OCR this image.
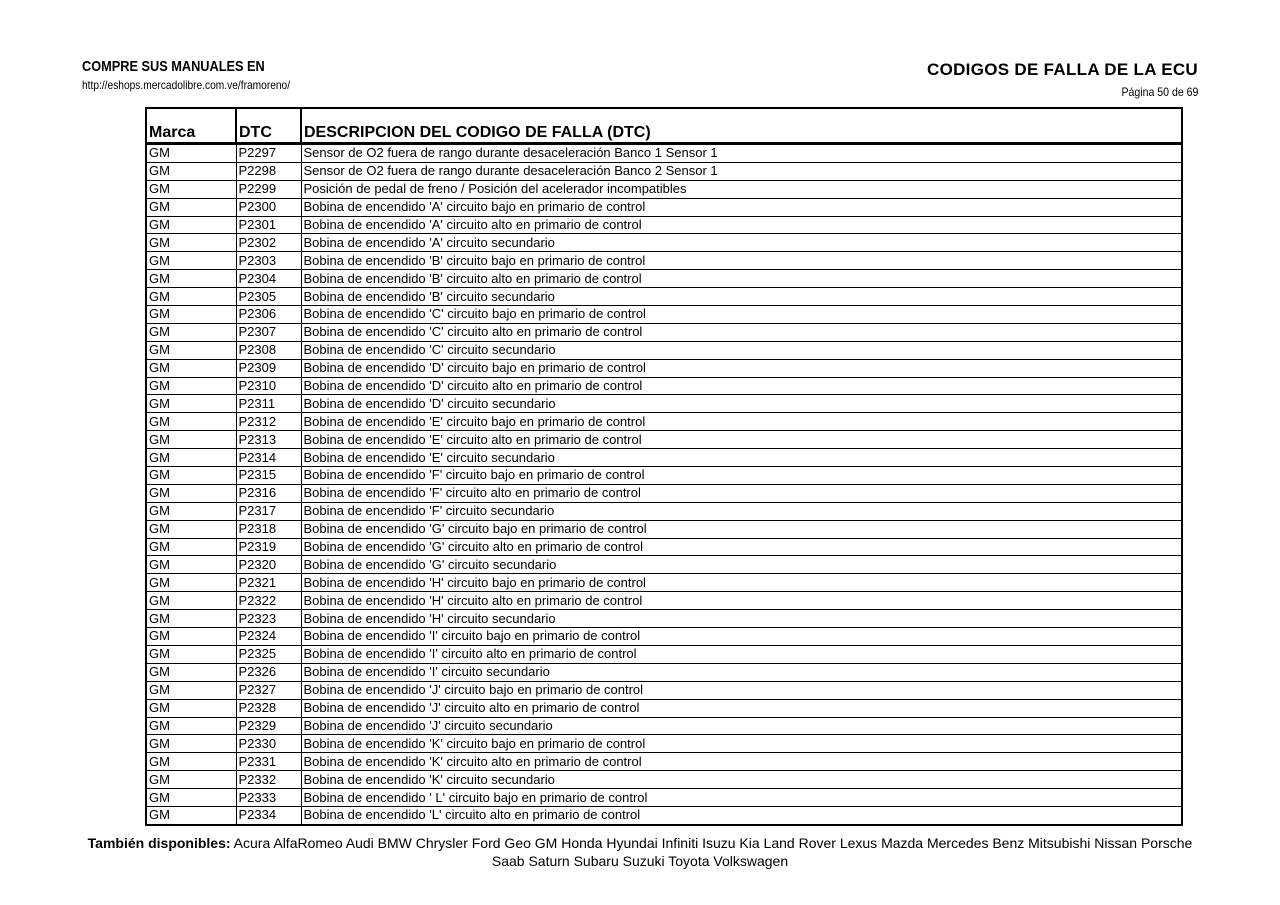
COMPRE SUS MANUALES EN
http://eshops.mercadolibre.com.ve/framoreno/
CODIGOS DE FALLA DE LA ECU
Página 50 de 69
Marca	DTC	DESCRIPCION DEL CODIGO DE FALLA (DTC)
GM	P2297	Sensor de O2 fuera de rango durante desaceleración Banco 1 Sensor 1
GM	P2298	Sensor de O2 fuera de rango durante desaceleración Banco 2 Sensor 1
GM	P2299	Posición de pedal de freno / Posición del acelerador incompatibles
GM	P2300	Bobina de encendido 'A' circuito bajo en primario de control
GM	P2301	Bobina de encendido 'A' circuito alto en primario de control
GM	P2302	Bobina de encendido 'A' circuito secundario
GM	P2303	Bobina de encendido 'B' circuito bajo en primario de control
GM	P2304	Bobina de encendido 'B' circuito alto en primario de control
GM	P2305	Bobina de encendido 'B' circuito secundario
GM	P2306	Bobina de encendido 'C' circuito bajo en primario de control
GM	P2307	Bobina de encendido 'C' circuito alto en primario de control
GM	P2308	Bobina de encendido 'C' circuito secundario
GM	P2309	Bobina de encendido 'D' circuito bajo en primario de control
GM	P2310	Bobina de encendido 'D' circuito alto en primario de control
GM	P2311	Bobina de encendido 'D' circuito secundario
GM	P2312	Bobina de encendido 'E' circuito bajo en primario de control
GM	P2313	Bobina de encendido 'E' circuito alto en primario de control
GM	P2314	Bobina de encendido 'E' circuito secundario
GM	P2315	Bobina de encendido 'F' circuito bajo en primario de control
GM	P2316	Bobina de encendido 'F' circuito alto en primario de control
GM	P2317	Bobina de encendido 'F' circuito secundario
GM	P2318	Bobina de encendido 'G' circuito bajo en primario de control
GM	P2319	Bobina de encendido 'G' circuito alto en primario de control
GM	P2320	Bobina de encendido 'G' circuito secundario
GM	P2321	Bobina de encendido 'H' circuito bajo en primario de control
GM	P2322	Bobina de encendido 'H' circuito alto en primario de control
GM	P2323	Bobina de encendido 'H' circuito secundario
GM	P2324	Bobina de encendido 'I' circuito bajo en primario de control
GM	P2325	Bobina de encendido 'I' circuito alto en primario de control
GM	P2326	Bobina de encendido 'I' circuito secundario
GM	P2327	Bobina de encendido 'J' circuito bajo en primario de control
GM	P2328	Bobina de encendido 'J' circuito alto en primario de control
GM	P2329	Bobina de encendido 'J' circuito secundario
GM	P2330	Bobina de encendido 'K' circuito bajo en primario de control
GM	P2331	Bobina de encendido 'K' circuito alto en primario de control
GM	P2332	Bobina de encendido 'K' circuito secundario
GM	P2333	Bobina de encendido ' L' circuito bajo en primario de control
GM	P2334	Bobina de encendido 'L' circuito alto en primario de control
También disponibles: Acura AlfaRomeo Audi BMW Chrysler Ford Geo GM Honda Hyundai Infiniti Isuzu Kia Land Rover Lexus Mazda Mercedes Benz Mitsubishi Nissan Porsche Saab Saturn Subaru Suzuki Toyota Volkswagen
